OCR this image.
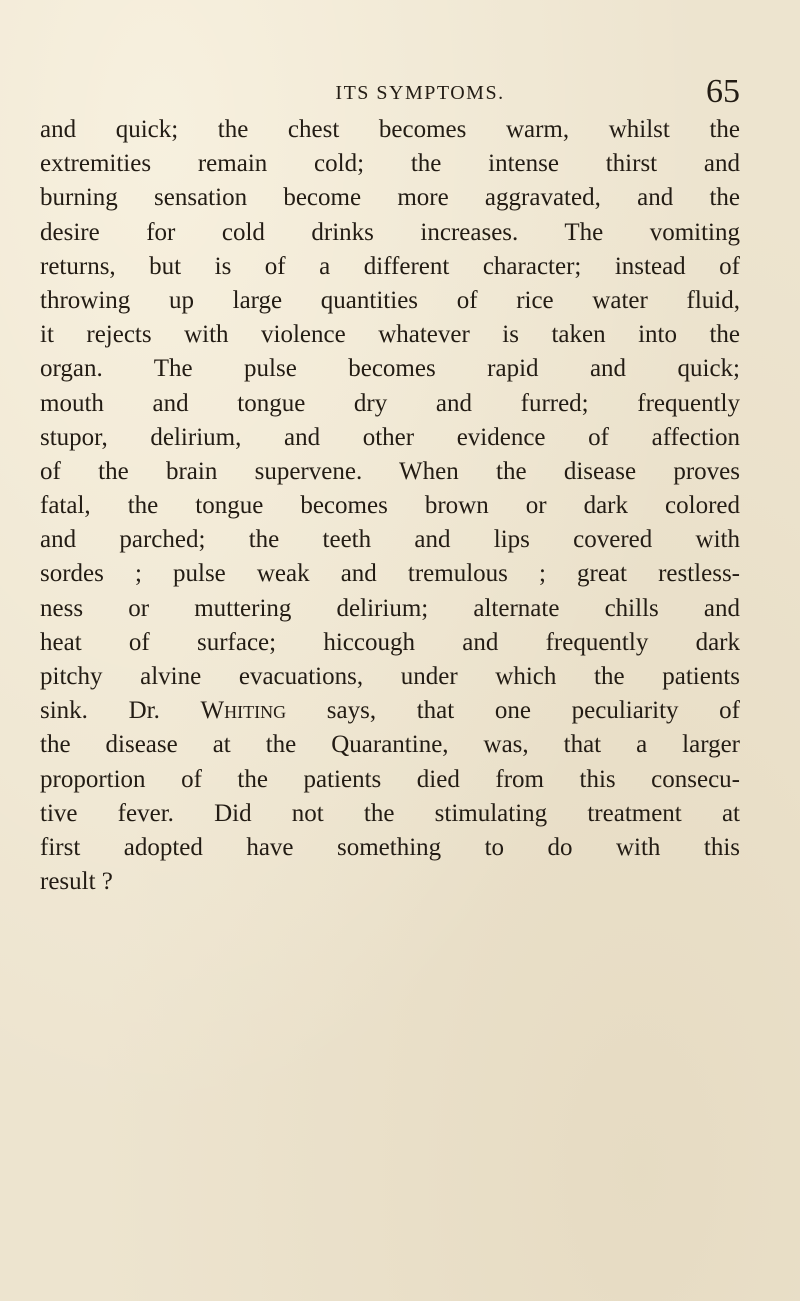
ITS SYMPTOMS.	65
and quick; the chest becomes warm, whilst the
extremities remain cold; the intense thirst and
burning sensation become more aggravated, and the
desire for cold drinks increases. The vomiting
returns, but is of a different character; instead of
throwing up large quantities of rice water fluid,
it rejects with violence whatever is taken into the
organ. The pulse becomes rapid and quick;
mouth and tongue dry and furred; frequently
stupor, delirium, and other evidence of affection
of the brain supervene. When the disease proves
fatal, the tongue becomes brown or dark colored
and parched; the teeth and lips covered with
sordes ; pulse weak and tremulous ; great restless-
ness or muttering delirium; alternate chills and
heat of surface; hiccough and frequently dark
pitchy alvine evacuations, under which the patients
sink. Dr. Whiting says, that one peculiarity of
the disease at the Quarantine, was, that a larger
proportion of the patients died from this consecu-
tive fever. Did not the stimulating treatment at
first adopted have something to do with this
result ?
